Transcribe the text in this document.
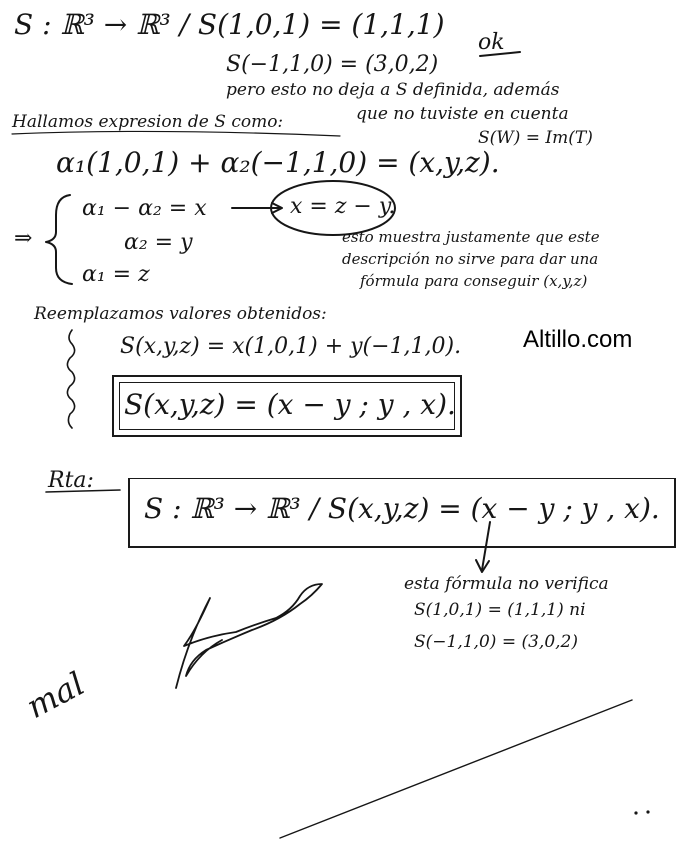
S : ℝ³ → ℝ³ / S(1,0,1) = (1,1,1)
ok
S(−1,1,0) = (3,0,2)
pero esto no deja a S definida, además
que no tuviste en cuenta
S(W) = Im(T)
Hallamos expresion de S como:
α₁(1,0,1) + α₂(−1,1,0) = (x,y,z).
⇒
α₁ − α₂ = x
α₂ = y
α₁ = z
x = z − y.
esto muestra justamente que este
descripción no sirve para dar una
fórmula para conseguir (x,y,z)
Reemplazamos valores obtenidos:
S(x,y,z) = x(1,0,1) + y(−1,1,0).	Altillo.com
S(x,y,z) = (x − y ; y , x).
Rta:
S : ℝ³ → ℝ³ / S(x,y,z) = (x − y ; y , x).
esta fórmula no verifica
S(1,0,1) = (1,1,1) ni
S(−1,1,0) = (3,0,2)
mal
